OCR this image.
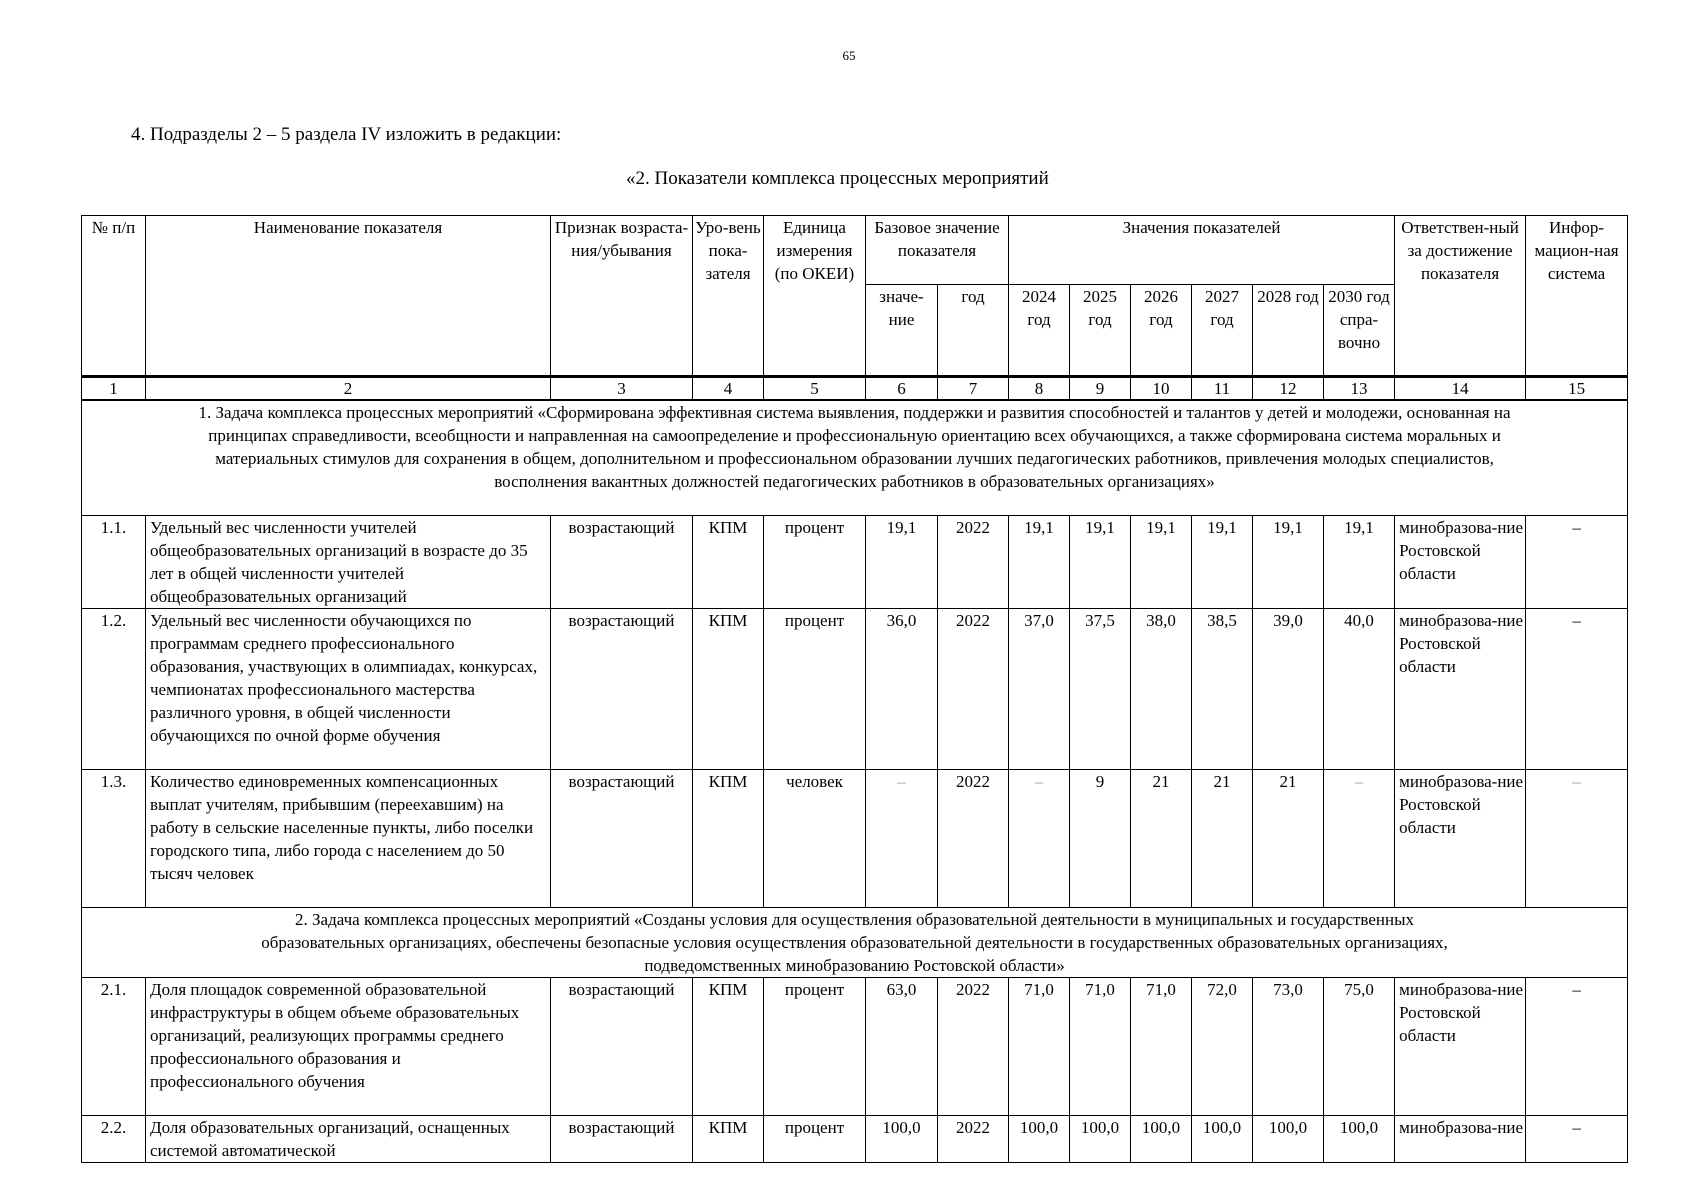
65
4. Подразделы 2 – 5 раздела IV изложить в редакции:
«2. Показатели комплекса процессных мероприятий
№ п/п	Наименование показателя	Признак возраста-ния/убывания	Уро-вень пока-зателя	Единица измерения (по ОКЕИ)	Базовое значение показателя		Значения показателей						Ответствен-ный за достижение показателя	Инфор-мацион-ная система
					значе-ние	год	2024 год	2025 год	2026 год	2027 год	2028 год	2030 год спра-вочно		
1	2	3	4	5	6	7	8	9	10	11	12	13	14	15
1. Задача комплекса процессных мероприятий «Сформирована эффективная система выявления, поддержки и развития способностей и талантов у детей и молодежи, основанная на принципах справедливости, всеобщности и направленная на самоопределение и профессиональную ориентацию всех обучающихся, а также сформирована система моральных и материальных стимулов для сохранения в общем, дополнительном и профессиональном образовании лучших педагогических работников, привлечения молодых специалистов, восполнения вакантных должностей педагогических работников в образовательных организациях»														
1.1.	Удельный вес численности учителей общеобразовательных организаций в возрасте до 35 лет в общей численности учителей общеобразовательных организаций	возрастающий	КПМ	процент	19,1	2022	19,1	19,1	19,1	19,1	19,1	19,1	минобразова-ние Ростовской области	–
1.2.	Удельный вес численности обучающихся по программам среднего профессионального образования, участвующих в олимпиадах, конкурсах, чемпионатах профессионального мастерства различного уровня, в общей численности обучающихся по очной форме обучения	возрастающий	КПМ	процент	36,0	2022	37,0	37,5	38,0	38,5	39,0	40,0	минобразова-ние Ростовской области	–
1.3.	Количество единовременных компенсационных выплат учителям, прибывшим (переехавшим) на работу в сельские населенные пункты, либо поселки городского типа, либо города с населением до 50 тысяч человек	возрастающий	КПМ	человек	–	2022	–	9	21	21	21	–	минобразова-ние Ростовской области	–
2. Задача комплекса процессных мероприятий «Созданы условия для осуществления образовательной деятельности в муниципальных и государственных образовательных организациях, обеспечены безопасные условия осуществления образовательной деятельности в государственных образовательных организациях, подведомственных минобразованию Ростовской области»														
2.1.	Доля площадок современной образовательной инфраструктуры в общем объеме образовательных организаций, реализующих программы среднего профессионального образования и профессионального обучения	возрастающий	КПМ	процент	63,0	2022	71,0	71,0	71,0	72,0	73,0	75,0	минобразова-ние Ростовской области	–
2.2.	Доля образовательных организаций, оснащенных системой автоматической	возрастающий	КПМ	процент	100,0	2022	100,0	100,0	100,0	100,0	100,0	100,0	минобразова-ние	–
